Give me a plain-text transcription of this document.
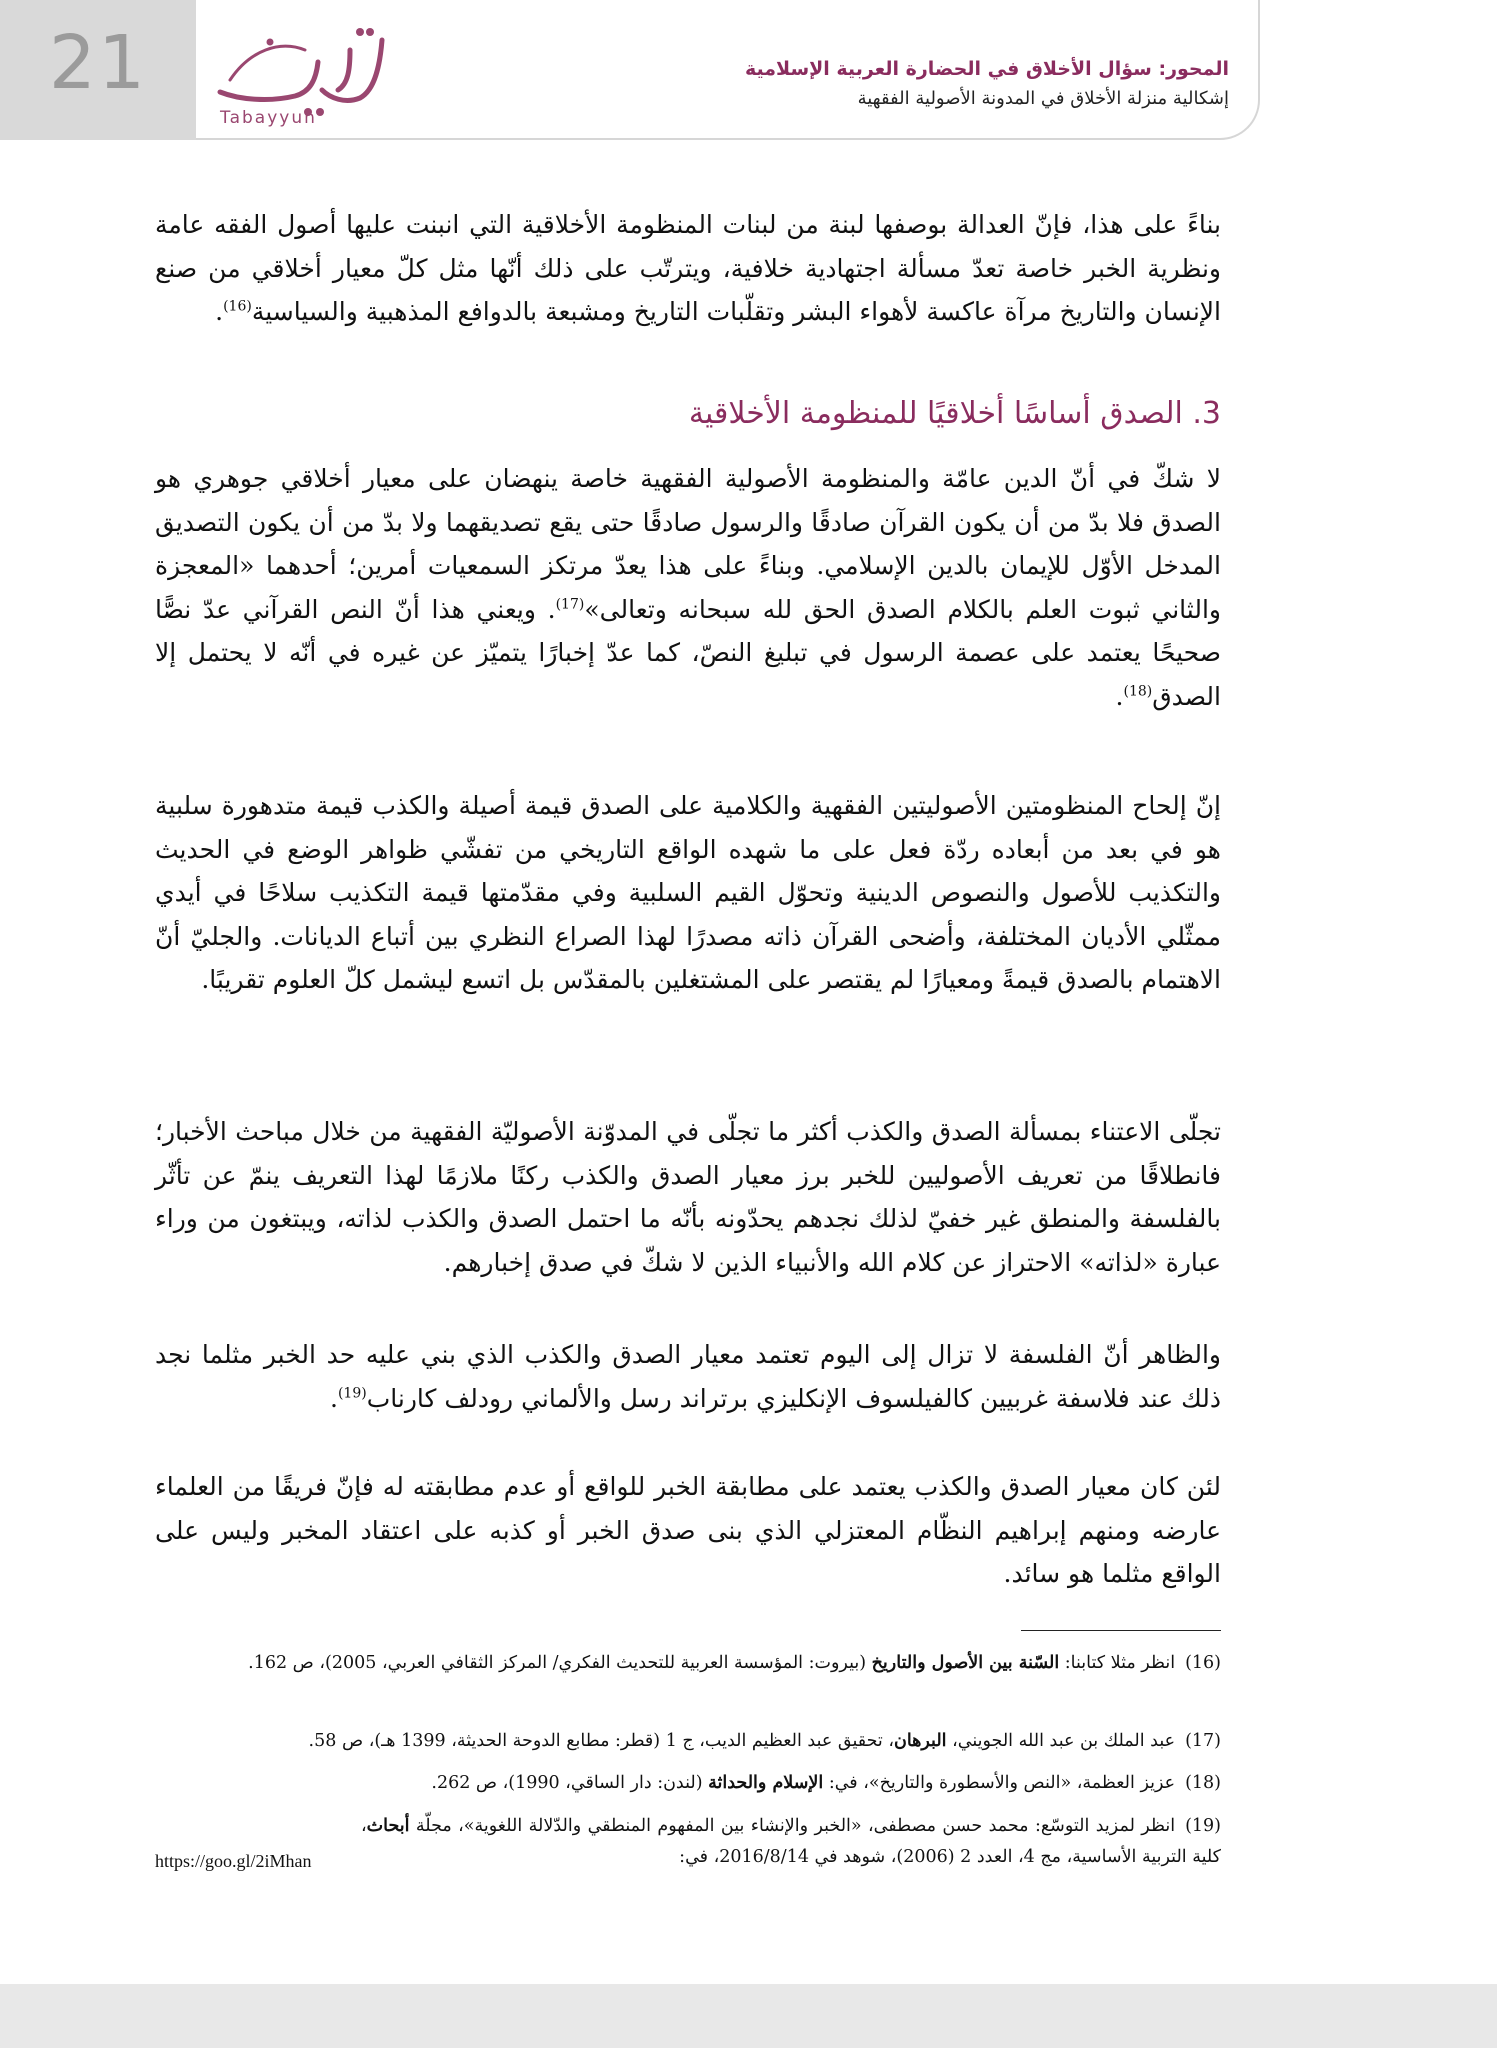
21
Tabayyun
المحور: سؤال الأخلاق في الحضارة العربية الإسلامية
إشكالية منزلة الأخلاق في المدونة الأصولية الفقهية
بناءً على هذا، فإنّ العدالة بوصفها لبنة من لبنات المنظومة الأخلاقية التي انبنت عليها أصول الفقه عامة ونظرية الخبر خاصة تعدّ مسألة اجتهادية خلافية، ويترتّب على ذلك أنّها مثل كلّ معيار أخلاقي من صنع الإنسان والتاريخ مرآة عاكسة لأهواء البشر وتقلّبات التاريخ ومشبعة بالدوافع المذهبية والسياسية$^{(16)}$.
3. الصدق أساسًا أخلاقيًا للمنظومة الأخلاقية
لا شكّ في أنّ الدين عامّة والمنظومة الأصولية الفقهية خاصة ينهضان على معيار أخلاقي جوهري هو الصدق فلا بدّ من أن يكون القرآن صادقًا والرسول صادقًا حتى يقع تصديقهما ولا بدّ من أن يكون التصديق المدخل الأوّل للإيمان بالدين الإسلامي. وبناءً على هذا يعدّ مرتكز السمعيات أمرين؛ أحدهما «المعجزة والثاني ثبوت العلم بالكلام الصدق الحق لله سبحانه وتعالى»$^{(17)}$. ويعني هذا أنّ النص القرآني عدّ نصًّا صحيحًا يعتمد على عصمة الرسول في تبليغ النصّ، كما عدّ إخبارًا يتميّز عن غيره في أنّه لا يحتمل إلا الصدق$^{(18)}$.
إنّ إلحاح المنظومتين الأصوليتين الفقهية والكلامية على الصدق قيمة أصيلة والكذب قيمة متدهورة سلبية هو في بعد من أبعاده ردّة فعل على ما شهده الواقع التاريخي من تفشّي ظواهر الوضع في الحديث والتكذيب للأصول والنصوص الدينية وتحوّل القيم السلبية وفي مقدّمتها قيمة التكذيب سلاحًا في أيدي ممثّلي الأديان المختلفة، وأضحى القرآن ذاته مصدرًا لهذا الصراع النظري بين أتباع الديانات. والجليّ أنّ الاهتمام بالصدق قيمةً ومعيارًا لم يقتصر على المشتغلين بالمقدّس بل اتسع ليشمل كلّ العلوم تقريبًا.
تجلّى الاعتناء بمسألة الصدق والكذب أكثر ما تجلّى في المدوّنة الأصوليّة الفقهية من خلال مباحث الأخبار؛ فانطلاقًا من تعريف الأصوليين للخبر برز معيار الصدق والكذب ركنًا ملازمًا لهذا التعريف ينمّ عن تأثّر بالفلسفة والمنطق غير خفيّ لذلك نجدهم يحدّونه بأنّه ما احتمل الصدق والكذب لذاته، ويبتغون من وراء عبارة «لذاته» الاحتراز عن كلام الله والأنبياء الذين لا شكّ في صدق إخبارهم.
والظاهر أنّ الفلسفة لا تزال إلى اليوم تعتمد معيار الصدق والكذب الذي بني عليه حد الخبر مثلما نجد ذلك عند فلاسفة غربيين كالفيلسوف الإنكليزي برتراند رسل والألماني رودلف كارناب$^{(19)}$.
لئن كان معيار الصدق والكذب يعتمد على مطابقة الخبر للواقع أو عدم مطابقته له فإنّ فريقًا من العلماء عارضه ومنهم إبراهيم النظّام المعتزلي الذي بنى صدق الخبر أو كذبه على اعتقاد المخبر وليس على الواقع مثلما هو سائد.
(16)انظر مثلا كتابنا: السّنة بين الأصول والتاريخ (بيروت: المؤسسة العربية للتحديث الفكري/ المركز الثقافي العربي، 2005)، ص 162.
(17)عبد الملك بن عبد الله الجويني، البرهان، تحقيق عبد العظيم الديب، ج 1 (قطر: مطابع الدوحة الحديثة، 1399 هـ)، ص 58.
(18)عزيز العظمة، «النص والأسطورة والتاريخ»، في: الإسلام والحداثة (لندن: دار الساقي، 1990)، ص 262.
(19)انظر لمزيد التوسّع: محمد حسن مصطفى، «الخبر والإنشاء بين المفهوم المنطقي والدّلالة اللغوية»، مجلّة أبحاث، كلية التربية الأساسية، مج 4، العدد 2 (2006)، شوهد في 2016/8/14، في:
https://goo.gl/2iMhan
